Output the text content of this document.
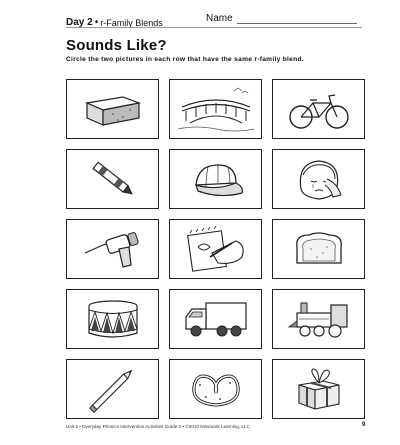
Day 2 • r-Family Blends	Name
Sounds Like?
Circle the two pictures in each row that have the same r-family blend.
Unit 2 • Everyday Phonics Intervention Activities Grade 2 • ©2010 Newmark Learning, LLC	9
